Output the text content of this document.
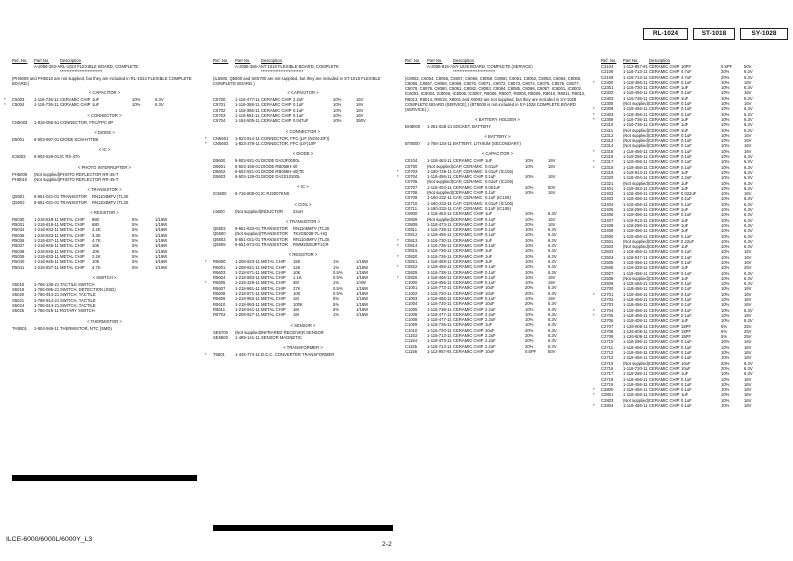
RL-1024	ST-1018	SY-1028
Ref. No. Part No.	Description
A-2058-353-A RL-1024 FLEXIBLE BOARD, COMPLETE
**************************
(PH5009 and PH5010 are not supplied, but they are included in RL-1024 FLEXIBLE COMPLETE BOARD.)
< CAPACITOR >
* C5003 1-116-736-11 CERAMIC CHIP 1uF	10%	6.3V
* C5004 1-116-736-11 CERAMIC CHIP 1uF	10%	6.3V
< CONNECTOR >
CN5003 1-816-055-51 CONNECTOR, FFC/FPC 8P
< DIODE >
D5001 6-503-697-01 DIODE SCM-H7TB6
< IC >
IC5003 6-502-529-01 IC RS-470
< PHOTO INTERRUPTER >
PH5009 (Not supplied) PHOTO REFLECTOR RR-45-T
PH5010 (Not supplied) PHOTO REFLECTOR RR-45-T
< TRANSISTOR >
Q5001 6-551-021-01 TRANSISTOR RN1104MFV (TL3S
Q5002 6-551-021-01 TRANSISTOR RN1104MFV (TL3S
< RESISTOR >
R5030 1-216-819-11 METAL CHIP 680	5%	1/16W
R5031 1-216-819-11 METAL CHIP 680	5%	1/16W
R5034 1-216-833-11 METAL CHIP 2.2K	5%	1/16W
R5035 1-216-833-11 METAL CHIP 3.3K	5%	1/16W
R5036 1-216-837-11 METAL CHIP 4.7K	5%	1/16W
R5037 1-216-845-11 METAL CHIP 10K	5%	1/16W
R5038 1-216-845-11 METAL CHIP 10K	5%	1/16W
R5039 1-216-833-11 METAL CHIP 2.2K	5%	1/16W
R5040 1-216-845-11 METAL CHIP 10K	5%	1/16W
R5041 1-216-837-11 METAL CHIP 4.7K	5%	1/16W
< SWITCH >
S5018 1-786-136-21 TACTILE SWITCH
S5019 1-786-095-21 SWITCH, DETECTION (SSD)
S5020 1-786-914-21 SWITCH, TACTILE
S5021 1-786-914-21 SWITCH, TACTILE
S5024 1-786-914-21 SWITCH, TACTILE
S5025 1-786-025-11 ROTARY SWITCH
< THERMISTOR >
TH5001 1-804-949-11 THERMISTOR, NTC (SMD)
Ref. No. Part No.	Description
A-2058-356-A ST-1018 FLEXIBLE BOARD, COMPLETE
**************************
(IL5600, Q5600 and SE5700 are not supplied, but they are included in ST-1018 FLEXIBLE COMPLETE BOARD.)
< CAPACITOR >
C5700 1-116-477-11 CERAMIC CHIP 2.2uF	10%	16V
C5701 1-116-388-11 CERAMIC CHIP 0.1uF	10%	16V
C5702 1-116-388-11 CERAMIC CHIP 0.1uF	10%	16V
C5703 1-116-591-11 CERAMIC CHIP 0.1uF	10%	16V
C5704 1-164-505-11 CERAMIC CHIP 0.047uF	10%	350V
< CONNECTOR >
* CN5601 1-823-914-11 CONNECTOR, FFC (LIF (NON-ZIF))
* CN5603 1-823-378-11 CONNECTOR, FFC (LIF)10P
< DIODE >
D5600 6-503-921-01 DIODE DA3JF0000L
D5601 6-503-156-01 DIODE RB056H-40
D5602 6-502-921-01 DIODE RB056H-40(TE
D5603 6-503-126-01 DIODE DA2S10100L
< IC >
IC5600 6-716-808-01 IC RJ2007KNS
< COIL >
L5600 (Not supplied) INDUCTOR 22uH
< TRANSISTOR >
Q5602 6-551-633-01 TRANSISTOR RN1106MFV (TL3S
Q5600 (Not supplied) TRANSISTOR TK2G5038-TL-HQ
Q5603 6-551-021-01 TRANSISTOR RN1104MFV (TL3S
Q5605 6-551-874-01 TRANSISTOR RWM2025JPT1CR
< RESISTOR >
* R5600 1-208-923-11 METAL CHIP 15K	1%	1/16W
R5601 1-208-921-11 METAL CHIP 12K	1%	1/16W
R5603 1-218-871-11 METAL CHIP 10K	0.5%	1/16W
R5604 1-218-883-11 METAL CHIP 1.1K	0.5%	1/16W
* R5605 1-216-329-11 METAL CHIP 3M	1%	1/4W
R5607 1-218-861-11 METAL CHIP 27K	0.5%	1/16W
R5608 1-218-871-11 METAL CHIP 10K	0.5%	1/16W
R5609 1-218-953-11 METAL CHIP 1M	5%	1/16W
R5610 1-218-953-11 METAL CHIP 100K	5%	1/16W
R5611 1-218-941-11 METAL CHIP 1M	5%	1/16W
R5703 1-208-927-11 METAL CHIP 1M	1%	1/16W
< SENSOR >
SE5700 (Not supplied) INFRARED RECEIVER SENSOR
SE5800 1-489-141-11 SENSOR MAGNETIC
< TRANSFORMER >
* T5601 1-445-774-11 D.C.C. CONVERTER TRANSFORMER
Ref. No. Part No.	Description
A-2058-816-A SY-1028 BOARD, COMPLETE (SERVICE)
**************************
(C8052, C8054, C8055, C8057, C8058, C8059, C8060, C8061, C8062, C8063, C8064, C8065, C8066, C8067, C8068, C8069, C8070, C8071, C8072, C8073, C8074, C8075, C8076, C8077, C8078, C8079, C8080, C8081, C8082, C8083, C8084, C8085, C8086, C8087, IC8001, IC8002, IC8003, IC8004, IC8005, IC8006, IC8007, R8006, R8007, R8008, R8009, R8010, R8011, R8012, R8013, R8014, R8015, X8001 and X8002 are not supplied, but they are included in SY-1028 COMPLETE BOARD (SERVICE).) (BT8000 is not included in SY-1028 COMPLETE BOARD (SERVICE).)
< BATTERY HOLDER >
BH8000 1-251-638-21 SOCKET, BATTERY
< BATTERY >
BT8000 1-756-134-11 BATTERY, LITHIUM (SECONDARY)
< CAPACITOR >
C0104 1-118-463-11 CERAMIC CHIP 1uF	10%	16V
C0700 (Not supplied) CAP, CERAMIC 0.01uF	10%	16V
* C0703 1-160-748-11 CAP, CERAMIC 0.01uF (IC106)
* C0704 1-118-456-11 CERAMIC CHIP 0.1uF	10%	16V
C0705 (Not supplied) CAP, CERAMIC 0.01uF (IC106)
C0707 1-118-403-11 CERAMIC CHIP 0.001uF	10%	50V
C0708 (Not supplied) CERAMIC CHIP 0.1uF	10%	16V
C0709 1-160-232-11 CAP, CERAMIC 0.1uF (IC106)
C0710 1-160-232-11 CAP, CERAMIC 0.01uF (IC106)
C0711 1-160-232-11 CAP, CERAMIC 0.1uF (IC106)
C0800 1-118-463-11 CERAMIC CHIP 1uF	10%	6.3V
C0808 (Not supplied) CERAMIC CHIP 0.1uF	10%	16V
C0809 1-118-473-11 CERAMIC CHIP 0.1uF	20%	16V
C0811 1-116-738-11 CERAMIC CHIP 0.1uF	10%	6.3V
C0812 1-118-456-11 CERAMIC CHIP 0.1uF	10%	6.3V
* C0813 1-116-730-11 CERAMIC CHIP 1uF	10%	6.3V
* C0814 1-116-736-11 CERAMIC CHIP 0.1uF	10%	6.3V
C0815 1-116-736-11 CERAMIC CHIP 1uF	10%	6.3V
* C0820 1-116-736-11 CERAMIC CHIP 1uF	10%	6.3V
C0821 1-118-469-11 CERAMIC CHIP 1uF	10%	6.3V
* C0822 1-118-456-11 CERAMIC CHIP 0.1uF	10%	6.3V
C0825 1-116-738-11 CERAMIC CHIP 0.1uF	10%	6.3V
* C0826 1-118-456-11 CERAMIC CHIP 0.1uF	10%	16V
C1000 1-118-456-11 CERAMIC CHIP 0.1uF	10%	16V
C1001 1-116-773-11 CERAMIC CHIP 10uF	20%	6.3V
C1002 1-116-720-11 CERAMIC CHIP 10uF	20%	6.3V
C1003 1-118-456-11 CERAMIC CHIP 0.1uF	10%	16V
C1004 1-116-720-11 CERAMIC CHIP 10uF	20%	6.3V
C1005 1-116-738-11 CERAMIC CHIP 2.2uF	10%	6.3V
C1006 1-118-477-11 CERAMIC CHIP 2.2uF	10%	6.3V
C1008 1-116-477-11 CERAMIC CHIP 2.2uF	10%	6.3V
C1009 1-116-736-11 CERAMIC CHIP 1uF	10%	6.3V
C1010 1-116-720-11 CERAMIC CHIP 10uF	20%	6.3V
C1153 1-116-713-11 CERAMIC CHIP 2.2uF	20%	6.3V
C1154 1-118-473-11 CERAMIC CHIP 2.2uF	20%	6.3V
C1155 1-116-713-11 CERAMIC CHIP 2.2uF	20%	6.3V
C1156 1-112-957-91 CERAMIC CHIP 10uF	0.5PF	50V
Ref. No. Part No.	Description
C2104 1-112-957-91 CERAMIC CHIP 10PF	0.5PF	50V
C2108 1-116-713-11 CERAMIC CHIP 4.7uF	20%	6.3V
C2109 1-116-713-11 CERAMIC CHIP 4.7uF	20%	6.3V
* C2300 1-118-456-11 CERAMIC CHIP 0.1uF	10%	16V
C2301 1-116-730-11 CERAMIC CHIP 1uF	10%	6.3V
C2302 1-118-456-11 CERAMIC CHIP 0.1uF	10%	16V
C2303 1-116-736-11 CERAMIC CHIP 1uF	10%	6.3V
C2305 (Not supplied) CERAMIC CHIP 0.1uF	10%	16V
* C2308 1-118-456-11 CERAMIC CHIP 0.1uF	10%	6.3V
* C2303 1-118-456-11 CERAMIC CHIP 0.1uF	10%	6.3V
* C2309 1-116-736-11 CERAMIC CHIP 1uF	10%	6.3V
C2310 1-116-736-11 CERAMIC CHIP 1uF	10%	6.3V
C2311 (Not supplied) CERAMIC CHIP 1uF	10%	6.3V
C2312 (Not supplied) CERAMIC CHIP 0.1uF	10%	16V
C2313 (Not supplied) CERAMIC CHIP 0.1uF	10%	16V
C2314 (Not supplied) CERAMIC CHIP 0.1uF	10%	16V
* C2315 1-118-456-11 CERAMIC CHIP 0.1uF	10%	16V
C2316 1-118-286-11 CERAMIC CHIP 0.1uF	10%	6.3V
* C2317 1-118-456-11 CERAMIC CHIP 0.1uF	10%	6.3V
* C2318 1-118-456-11 CERAMIC CHIP 0.1uF	10%	6.3V
C2319 1-118-913-11 CERAMIC CHIP 1uF	10%	6.3V
C2320 1-118-404-11 CERAMIC CHIP 2.2uF	10%	6.3V
C2321 (Not supplied) CERAMIC CHIP 1uF	10%	6.3V
C2401 1-118-463-11 CERAMIC CHIP 1uF	10%	6.3V
C2402 1-118-456-11 CERAMIC CHIP 0.022uF	10%	16V
C2403 1-118-456-11 CERAMIC CHIP 0.1uF	10%	6.3V
C2404 1-118-456-11 CERAMIC CHIP 0.1uF	10%	6.3V
C2405 1-118-286-11 CERAMIC CHIP 1uF	10%	6.3V
C2406 1-118-456-11 CERAMIC CHIP 0.1uF	10%	6.3V
C2407 1-118-913-11 CERAMIC CHIP 1uF	10%	6.3V
C2408 1-118-286-11 CERAMIC CHIP 1uF	10%	6.3V
C2409 1-118-456-11 CERAMIC CHIP 1uF	10%	6.3V
C2500 1-118-456-11 CERAMIC CHIP 0.1uF	10%	6.3V
C2501 (Not supplied) CERAMIC CHIP 0.22uF	10%	6.3V
C2502 (Not supplied) CERAMIC CHIP 1uF	10%	6.3V
C2503 1-118-456-11 CERAMIC CHIP 0.1uF	10%	16V
C2504 1-118-047-11 CERAMIC CHIP 0.1uF	10%	16V
C2505 1-118-456-11 CERAMIC CHIP 0.1uF	10%	16V
C2506 1-116-329-11 CERAMIC CHIP 1uF	10%	25V
C2507 1-118-456-11 CERAMIC CHIP 0.1uF	10%	6.3V
C2508 (Not supplied) CERAMIC CHIP 1uF	10%	6.3V
C2509 1-118-456-11 CERAMIC CHIP 0.1uF	10%	6.3V
C2700 1-118-456-11 CERAMIC CHIP 0.1uF	10%	16V
* C2701 1-118-456-11 CERAMIC CHIP 0.1uF	10%	16V
C2702 1-118-456-11 CERAMIC CHIP 0.1uF	10%	16V
C2703 1-118-456-11 CERAMIC CHIP 0.1uF	10%	16V
* C2704 1-118-456-11 CERAMIC CHIP 0.1uF	10%	6.3V
* C2705 1-118-456-11 CERAMIC CHIP 0.1uF	10%	16V
C2706 1-118-408-11 CERAMIC CHIP 1uF	10%	6.3V
C2707 1-126-606-11 CERAMIC CHIP 15PF	5%	25V
C2708 1-126-606-11 CERAMIC CHIP 15PF	5%	25V
C2709 1-126-606-11 CERAMIC CHIP 15PF	5%	25V
C2710 1-118-296-11 CERAMIC CHIP 0.1uF	10%	16V
C2711 1-118-456-11 CERAMIC CHIP 0.1uF	10%	16V
C2712 1-118-456-11 CERAMIC CHIP 0.1uF	10%	16V
C2713 1-118-456-11 CERAMIC CHIP 0.1uF	10%	16V
C2715 (Not supplied) CERAMIC CHIP 10uF	20%	6.3V
C2716 1-118-720-11 CERAMIC CHIP 10uF	20%	6.3V
C2717 1-118-286-11 CERAMIC CHIP 1uF	10%	6.3V
C2718 1-118-456-11 CERAMIC CHIP 0.1uF	10%	16V
C2719 1-118-456-11 CERAMIC CHIP 0.1uF	10%	16V
* C2800 1-118-456-11 CERAMIC CHIP 0.1uF	10%	16V
* C2801 1-118-456-11 CERAMIC CHIP 1uF	10%	16V
C2803 (Not supplied) CERAMIC CHIP 0.1uF	10%	16V
* C2804 1-118-456-11 CERAMIC CHIP 0.1uF	10%	16V
ILCE-6000/6000L/6000Y_L3
2-2
